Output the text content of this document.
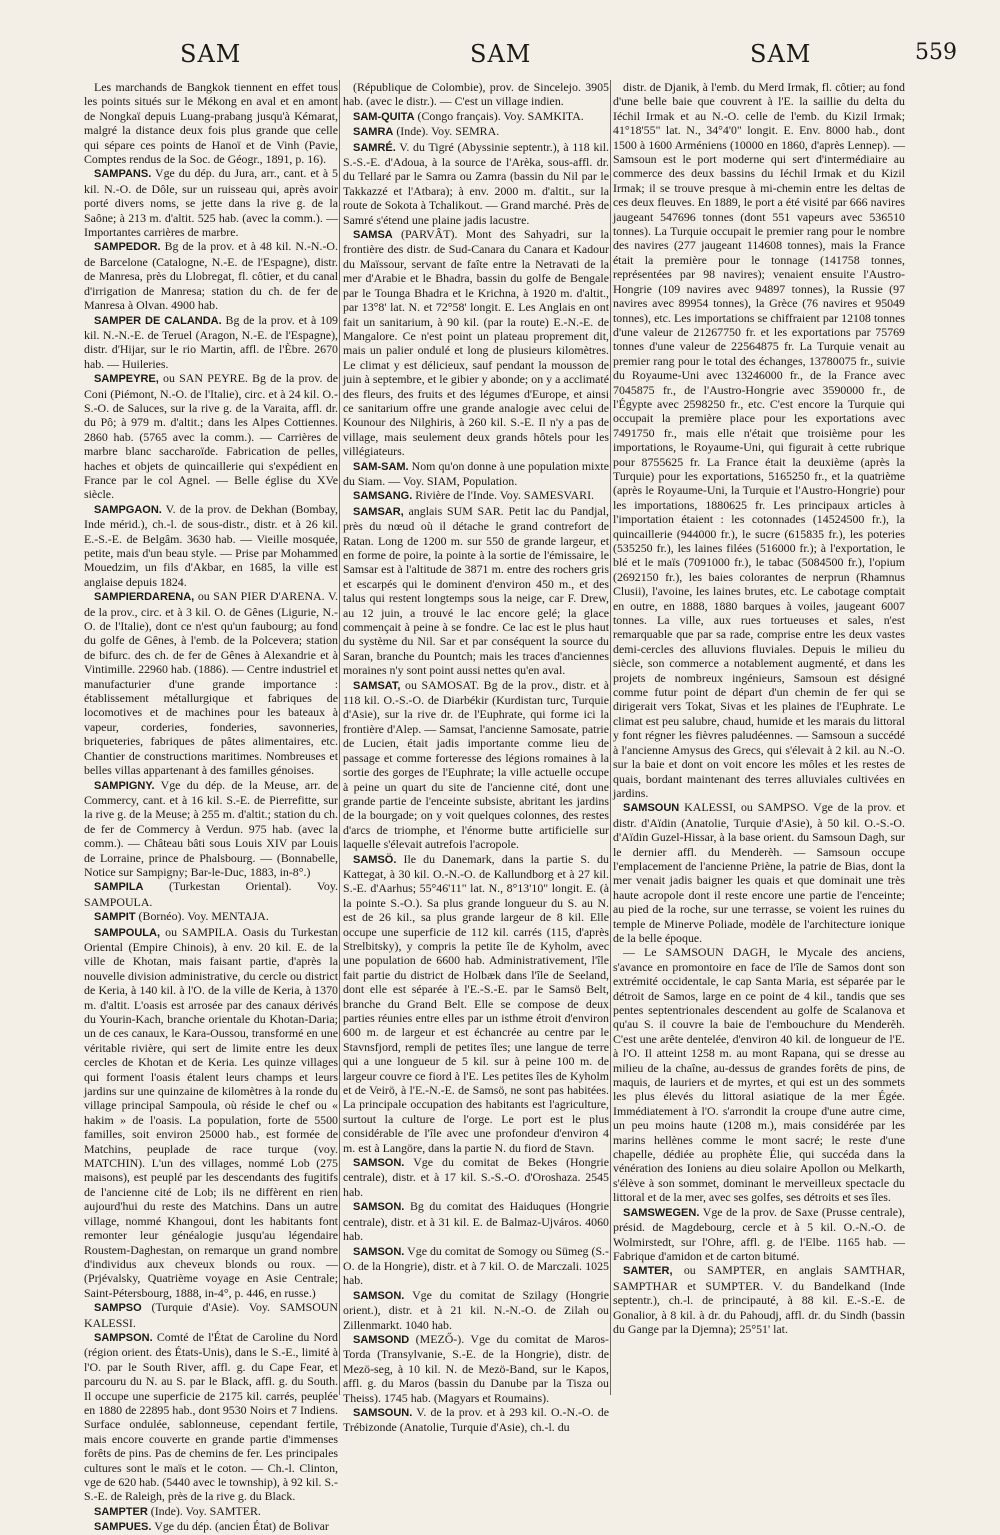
SAM	SAM	SAM	559

Les marchands de Bangkok tiennent en effet tous les points situés sur le Mékong en aval et en amont de Nongkaï depuis Luang-prabang jusqu'à Kémarat, malgré la distance deux fois plus grande que celle qui sépare ces points de Hanoï et de Vinh (Pavie, Comptes rendus de la Soc. de Géogr., 1891, p. 16).

SAMPANS. Vge du dép. du Jura, arr., cant. et à 5 kil. N.-O. de Dôle, sur un ruisseau qui, après avoir porté divers noms, se jette dans la rive g. de la Saône; à 213 m. d'altit. 525 hab. (avec la comm.). — Importantes carrières de marbre.

SAMPEDOR. Bg de la prov. et à 48 kil. N.-N.-O. de Barcelone (Catalogne, N.-E. de l'Espagne), distr. de Manresa, près du Llobregat, fl. côtier, et du canal d'irrigation de Manresa; station du ch. de fer de Manresa à Olvan. 4900 hab.

SAMPER DE CALANDA. Bg de la prov. et à 109 kil. N.-N.-E. de Teruel (Aragon, N.-E. de l'Espagne), distr. d'Hijar, sur le rio Martin, affl. de l'Èbre. 2670 hab. — Huileries.

SAMPEYRE, ou SAN PEYRE. Bg de la prov. de Coni (Piémont, N.-O. de l'Italie), circ. et à 24 kil. O.-S.-O. de Saluces, sur la rive g. de la Varaita, affl. dr. du Pô; à 979 m. d'altit.; dans les Alpes Cottiennes. 2860 hab. (5765 avec la comm.). — Carrières de marbre blanc saccharoïde. Fabrication de pelles, haches et objets de quincaillerie qui s'expédient en France par le col Agnel. — Belle église du XVe siècle.

SAMPGAON. V. de la prov. de Dekhan (Bombay, Inde mérid.), ch.-l. de sous-distr., distr. et à 26 kil. E.-S.-E. de Belgâm. 3630 hab. — Vieille mosquée, petite, mais d'un beau style. — Prise par Mohammed Mouedzim, un fils d'Akbar, en 1685, la ville est anglaise depuis 1824.

SAMPIERDARENA, ou SAN PIER D'ARENA. V. de la prov., circ. et à 3 kil. O. de Gênes (Ligurie, N.-O. de l'Italie), dont ce n'est qu'un faubourg; au fond du golfe de Gênes, à l'emb. de la Polcevera; station de bifurc. des ch. de fer de Gênes à Alexandrie et à Vintimille. 22960 hab. (1886). — Centre industriel et manufacturier d'une grande importance : établissement métallurgique et fabriques de locomotives et de machines pour les bateaux à vapeur, corderies, fonderies, savonneries, briqueteries, fabriques de pâtes alimentaires, etc. Chantier de constructions maritimes. Nombreuses et belles villas appartenant à des familles génoises.

SAMPIGNY. Vge du dép. de la Meuse, arr. de Commercy, cant. et à 16 kil. S.-E. de Pierrefitte, sur la rive g. de la Meuse; à 255 m. d'altit.; station du ch. de fer de Commercy à Verdun. 975 hab. (avec la comm.). — Château bâti sous Louis XIV par Louis de Lorraine, prince de Phalsbourg. — (Bonnabelle, Notice sur Sampigny; Bar-le-Duc, 1883, in-8°.)

SAMPILA (Turkestan Oriental). Voy. SAMPOULA.

SAMPIT (Bornéo). Voy. MENTAJA.

SAMPOULA, ou SAMPILA. Oasis du Turkestan Oriental (Empire Chinois), à env. 20 kil. E. de la ville de Khotan, mais faisant partie, d'après la nouvelle division administrative, du cercle ou district de Keria, à 140 kil. à l'O. de la ville de Keria, à 1370 m. d'altit. L'oasis est arrosée par des canaux dérivés du Yourin-Kach, branche orientale du Khotan-Daria; un de ces canaux, le Kara-Oussou, transformé en une véritable rivière, qui sert de limite entre les deux cercles de Khotan et de Keria. Les quinze villages qui forment l'oasis étalent leurs champs et leurs jardins sur une quinzaine de kilomètres à la ronde du village principal Sampoula, où réside le chef ou « hakim » de l'oasis. La population, forte de 5500 familles, soit environ 25000 hab., est formée de Matchins, peuplade de race turque (voy. MATCHIN). L'un des villages, nommé Lob (275 maisons), est peuplé par les descendants des fugitifs de l'ancienne cité de Lob; ils ne diffèrent en rien aujourd'hui du reste des Matchins. Dans un autre village, nommé Khangoui, dont les habitants font remonter leur généalogie jusqu'au légendaire Roustem-Daghestan, on remarque un grand nombre d'individus aux cheveux blonds ou roux. — (Prjévalsky, Quatrième voyage en Asie Centrale; Saint-Pétersbourg, 1888, in-4°, p. 446, en russe.)

SAMPSO (Turquie d'Asie). Voy. SAMSOUN KALESSI.

SAMPSON. Comté de l'État de Caroline du Nord (région orient. des États-Unis), dans le S.-E., limité à l'O. par le South River, affl. g. du Cape Fear, et parcouru du N. au S. par le Black, affl. g. du South. Il occupe une superficie de 2175 kil. carrés, peuplée en 1880 de 22895 hab., dont 9530 Noirs et 7 Indiens. Surface ondulée, sablonneuse, cependant fertile, mais encore couverte en grande partie d'immenses forêts de pins. Pas de chemins de fer. Les principales cultures sont le maïs et le coton. — Ch.-l. Clinton, vge de 620 hab. (5440 avec le township), à 92 kil. S.-S.-E. de Raleigh, près de la rive g. du Black.

SAMPTER (Inde). Voy. SAMTER.

SAMPUES. Vge du dép. (ancien État) de Bolivar

(République de Colombie), prov. de Sincelejo. 3905 hab. (avec le distr.). — C'est un village indien.

SAM-QUITA (Congo français). Voy. SAMKITA.

SAMRA (Inde). Voy. SEMRA.

SAMRÉ. V. du Tigré (Abyssinie septentr.), à 118 kil. S.-S.-E. d'Adoua, à la source de l'Arèka, sous-affl. dr. du Tellaré par le Samra ou Zamra (bassin du Nil par le Takkazzé et l'Atbara); à env. 2000 m. d'altit., sur la route de Sokota à Tchalikout. — Grand marché. Près de Samré s'étend une plaine jadis lacustre.

SAMSA (PARVÂT). Mont des Sahyadri, sur la frontière des distr. de Sud-Canara du Canara et Kadour du Maïssour, servant de faîte entre la Netravati de la mer d'Arabie et le Bhadra, bassin du golfe de Bengale par le Tounga Bhadra et le Krichna, à 1920 m. d'altit., par 13°8' lat. N. et 72°58' longit. E. Les Anglais en ont fait un sanitarium, à 90 kil. (par la route) E.-N.-E. de Mangalore. Ce n'est point un plateau proprement dit, mais un palier ondulé et long de plusieurs kilomètres. Le climat y est délicieux, sauf pendant la mousson de juin à septembre, et le gibier y abonde; on y a acclimaté des fleurs, des fruits et des légumes d'Europe, et ainsi ce sanitarium offre une grande analogie avec celui de Kounour des Nilghiris, à 260 kil. S.-E. Il n'y a pas de village, mais seulement deux grands hôtels pour les villégiateurs.

SAM-SAM. Nom qu'on donne à une population mixte du Siam. — Voy. SIAM, Population.

SAMSANG. Rivière de l'Inde. Voy. SAMESVARI.

SAMSAR, anglais SUM SAR. Petit lac du Pandjal, près du nœud où il détache le grand contrefort de Ratan. Long de 1200 m. sur 550 de grande largeur, et en forme de poire, la pointe à la sortie de l'émissaire, le Samsar est à l'altitude de 3871 m. entre des rochers gris et escarpés qui le dominent d'environ 450 m., et des talus qui restent longtemps sous la neige, car F. Drew, au 12 juin, a trouvé le lac encore gelé; la glace commençait à peine à se fondre. Ce lac est le plus haut du système du Nil. Sar et par conséquent la source du Saran, branche du Pountch; mais les traces d'anciennes moraines n'y sont point aussi nettes qu'en aval.

SAMSAT, ou SAMOSAT. Bg de la prov., distr. et à 118 kil. O.-S.-O. de Diarbékir (Kurdistan turc, Turquie d'Asie), sur la rive dr. de l'Euphrate, qui forme ici la frontière d'Alep. — Samsat, l'ancienne Samosate, patrie de Lucien, était jadis importante comme lieu de passage et comme forteresse des légions romaines à la sortie des gorges de l'Euphrate; la ville actuelle occupe à peine un quart du site de l'ancienne cité, dont une grande partie de l'enceinte subsiste, abritant les jardins de la bourgade; on y voit quelques colonnes, des restes d'arcs de triomphe, et l'énorme butte artificielle sur laquelle s'élevait autrefois l'acropole.

SAMSÖ. Ile du Danemark, dans la partie S. du Kattegat, à 30 kil. O.-N.-O. de Kallundborg et à 27 kil. S.-E. d'Aarhus; 55°46'11" lat. N., 8°13'10" longit. E. (à la pointe S.-O.). Sa plus grande longueur du S. au N. est de 26 kil., sa plus grande largeur de 8 kil. Elle occupe une superficie de 112 kil. carrés (115, d'après Strelbitsky), y compris la petite île de Kyholm, avec une population de 6600 hab. Administrativement, l'île fait partie du district de Holbæk dans l'île de Seeland, dont elle est séparée à l'E.-S.-E. par le Samsö Belt, branche du Grand Belt. Elle se compose de deux parties réunies entre elles par un isthme étroit d'environ 600 m. de largeur et est échancrée au centre par le Stavnsfjord, rempli de petites îles; une langue de terre qui a une longueur de 5 kil. sur à peine 100 m. de largeur couvre ce fiord à l'E. Les petites îles de Kyholm et de Veirö, à l'E.-N.-E. de Samsö, ne sont pas habitées. La principale occupation des habitants est l'agriculture, surtout la culture de l'orge. Le port est le plus considérable de l'île avec une profondeur d'environ 4 m. est à Langöre, dans la partie N. du fiord de Stavn.

SAMSON. Vge du comitat de Bekes (Hongrie centrale), distr. et à 17 kil. S.-S.-O. d'Oroshaza. 2545 hab.

SAMSON. Bg du comitat des Haiduques (Hongrie centrale), distr. et à 31 kil. E. de Balmaz-Ujváros. 4060 hab.

SAMSON. Vge du comitat de Somogy ou Sümeg (S.-O. de la Hongrie), distr. et à 7 kil. O. de Marczali. 1025 hab.

SAMSON. Vge du comitat de Szilagy (Hongrie orient.), distr. et à 21 kil. N.-N.-O. de Zilah ou Zillenmarkt. 1040 hab.

SAMSOND (MEZŐ-). Vge du comitat de Maros-Torda (Transylvanie, S.-E. de la Hongrie), distr. de Mezö-seg, à 10 kil. N. de Mezö-Band, sur le Kapos, affl. g. du Maros (bassin du Danube par la Tisza ou Theiss). 1745 hab. (Magyars et Roumains).

SAMSOUN. V. de la prov. et à 293 kil. O.-N.-O. de Trébizonde (Anatolie, Turquie d'Asie), ch.-l. du

distr. de Djanik, à l'emb. du Merd Irmak, fl. côtier; au fond d'une belle baie que couvrent à l'E. la saillie du delta du Iéchil Irmak et au N.-O. celle de l'emb. du Kizil Irmak; 41°18'55" lat. N., 34°4'0" longit. E. Env. 8000 hab., dont 1500 à 1600 Arméniens (10000 en 1860, d'après Lennep). — Samsoun est le port moderne qui sert d'intermédiaire au commerce des deux bassins du Iéchil Irmak et du Kizil Irmak; il se trouve presque à mi-chemin entre les deltas de ces deux fleuves. En 1889, le port a été visité par 666 navires jaugeant 547696 tonnes (dont 551 vapeurs avec 536510 tonnes). La Turquie occupait le premier rang pour le nombre des navires (277 jaugeant 114608 tonnes), mais la France était la première pour le tonnage (141758 tonnes, représentées par 98 navires); venaient ensuite l'Austro-Hongrie (109 navires avec 94897 tonnes), la Russie (97 navires avec 89954 tonnes), la Grèce (76 navires et 95049 tonnes), etc. Les importations se chiffraient par 12108 tonnes d'une valeur de 21267750 fr. et les exportations par 75769 tonnes d'une valeur de 22564875 fr. La Turquie venait au premier rang pour le total des échanges, 13780075 fr., suivie du Royaume-Uni avec 13246000 fr., de la France avec 7045875 fr., de l'Austro-Hongrie avec 3590000 fr., de l'Égypte avec 2598250 fr., etc. C'est encore la Turquie qui occupait la première place pour les exportations avec 7491750 fr., mais elle n'était que troisième pour les importations, le Royaume-Uni, qui figurait à cette rubrique pour 8755625 fr. La France était la deuxième (après la Turquie) pour les exportations, 5165250 fr., et la quatrième (après le Royaume-Uni, la Turquie et l'Austro-Hongrie) pour les importations, 1880625 fr. Les principaux articles à l'importation étaient : les cotonnades (14524500 fr.), la quincaillerie (944000 fr.), le sucre (615835 fr.), les poteries (535250 fr.), les laines filées (516000 fr.); à l'exportation, le blé et le maïs (7091000 fr.), le tabac (5084500 fr.), l'opium (2692150 fr.), les baies colorantes de nerprun (Rhamnus Clusii), l'avoine, les laines brutes, etc. Le cabotage comptait en outre, en 1888, 1880 barques à voiles, jaugeant 6007 tonnes. La ville, aux rues tortueuses et sales, n'est remarquable que par sa rade, comprise entre les deux vastes demi-cercles des alluvions fluviales. Depuis le milieu du siècle, son commerce a notablement augmenté, et dans les projets de nombreux ingénieurs, Samsoun est désigné comme futur point de départ d'un chemin de fer qui se dirigerait vers Tokat, Sivas et les plaines de l'Euphrate. Le climat est peu salubre, chaud, humide et les marais du littoral y font régner les fièvres paludéennes. — Samsoun a succédé à l'ancienne Amysus des Grecs, qui s'élevait à 2 kil. au N.-O. sur la baie et dont on voit encore les môles et les restes de quais, bordant maintenant des terres alluviales cultivées en jardins.

SAMSOUN KALESSI, ou SAMPSO. Vge de la prov. et distr. d'Aïdin (Anatolie, Turquie d'Asie), à 50 kil. O.-S.-O. d'Aïdin Guzel-Hissar, à la base orient. du Samsoun Dagh, sur le dernier affl. du Menderèh. — Samsoun occupe l'emplacement de l'ancienne Priène, la patrie de Bias, dont la mer venait jadis baigner les quais et que dominait une très haute acropole dont il reste encore une partie de l'enceinte; au pied de la roche, sur une terrasse, se voient les ruines du temple de Minerve Poliade, modèle de l'architecture ionique de la belle époque.

— Le SAMSOUN DAGH, le Mycale des anciens, s'avance en promontoire en face de l'île de Samos dont son extrémité occidentale, le cap Santa Maria, est séparée par le détroit de Samos, large en ce point de 4 kil., tandis que ses pentes septentrionales descendent au golfe de Scalanova et qu'au S. il couvre la baie de l'embouchure du Menderèh. C'est une arête dentelée, d'environ 40 kil. de longueur de l'E. à l'O. Il atteint 1258 m. au mont Rapana, qui se dresse au milieu de la chaîne, au-dessus de grandes forêts de pins, de maquis, de lauriers et de myrtes, et qui est un des sommets les plus élevés du littoral asiatique de la mer Égée. Immédiatement à l'O. s'arrondit la croupe d'une autre cime, un peu moins haute (1208 m.), mais considérée par les marins hellènes comme le mont sacré; le reste d'une chapelle, dédiée au prophète Élie, qui succéda dans la vénération des Ioniens au dieu solaire Apollon ou Melkarth, s'élève à son sommet, dominant le merveilleux spectacle du littoral et de la mer, avec ses golfes, ses détroits et ses îles.

SAMSWEGEN. Vge de la prov. de Saxe (Prusse centrale), présid. de Magdebourg, cercle et à 5 kil. O.-N.-O. de Wolmirstedt, sur l'Ohre, affl. g. de l'Elbe. 1165 hab. — Fabrique d'amidon et de carton bitumé.

SAMTER, ou SAMPTER, en anglais SAMTHAR, SAMPTHAR et SUMPTER. V. du Bandelkand (Inde septentr.), ch.-l. de principauté, à 88 kil. E.-S.-E. de Gonalior, à 8 kil. à dr. du Pahoudj, affl. dr. du Sindh (bassin du Gange par la Djemna); 25°51' lat.
